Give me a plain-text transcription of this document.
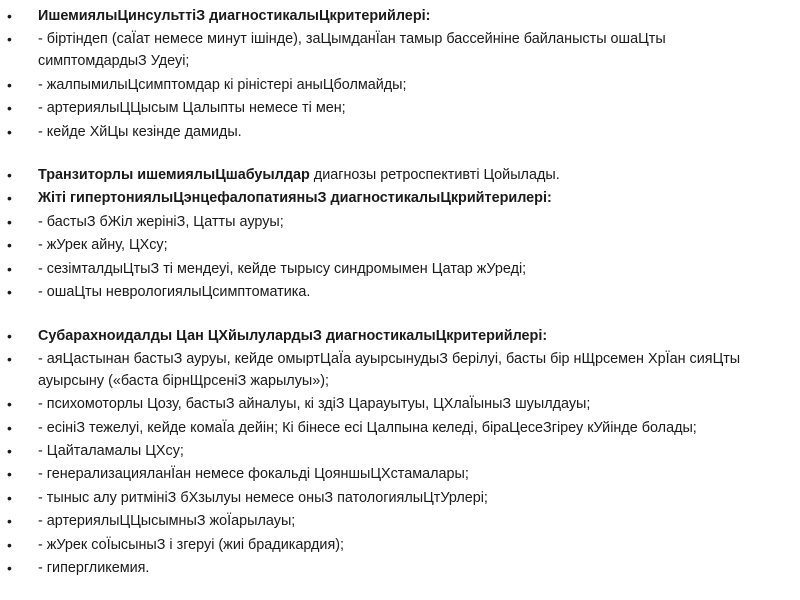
•	ИшемиялыЦинсульттіЗ диагностикалыЦкритерийлері:
•	- біртіндеп (саЇат немесе минут ішінде), заЦымданЇан тамыр бассейніне байланысты ошаЦты симптомдардыЗ Удеуі;
•	- жалпымилыЦсимптомдар кі рінiстері аныЦболмайды;
•	- артериялыЦЦысым Цалыпты немесе ті мен;
•	- кейде ХйЦы кезінде дамиды.
•	Транзиторлы ишемиялыЦшабуылдар диагнозы ретроспективті Цойылады.
•	Жіті гипертониялыЦэнцефалопатияныЗ диагностикалыЦкрийтерилері:
•	- бастыЗ бЖіл жерініЗ, Цатты ауруы;
•	- жУрек айну, ЦХсу;
•	- сезімталдыЦтыЗ ті мендеуі, кейде тырысу синдромымен Цатар жУреді;
•	- ошаЦты неврологиялыЦсимптоматика.
•	Субарахноидалды Цан ЦХйылулардыЗ диагностикалыЦкритерийлері:
•	- аяЦастынан бастыЗ ауруы, кейде омыртЦаЇа ауырсынудыЗ берілуі, басты бір нЩрсемен ХрЇан сияЦты ауырсыну («баста бірнЩрсеніЗ жарылуы»);
•	- психомоторлы Цозу, бастыЗ айналуы, кі здіЗ Царауытуы, ЦХлаЇыныЗ шуылдауы;
•	- есініЗ тежелуі, кейде комаЇа дейін; Кі бінесе есі Цалпына келеді, біраЦесеЗгіреу кУйінде болады;
•	- Цайталамалы ЦХсу;
•	- генерализацияланЇан немесе фокальді ЦояншыЦХстамалары;
•	- тыныс алу ритмініЗ бХзылуы немесе оныЗ патологиялыЦтУрлері;
•	- артериялыЦЦысымныЗ жоЇарылауы;
•	- жУрек соЇысыныЗ і згеруі (жиі брадикардия);
•	- гипергликемия.
